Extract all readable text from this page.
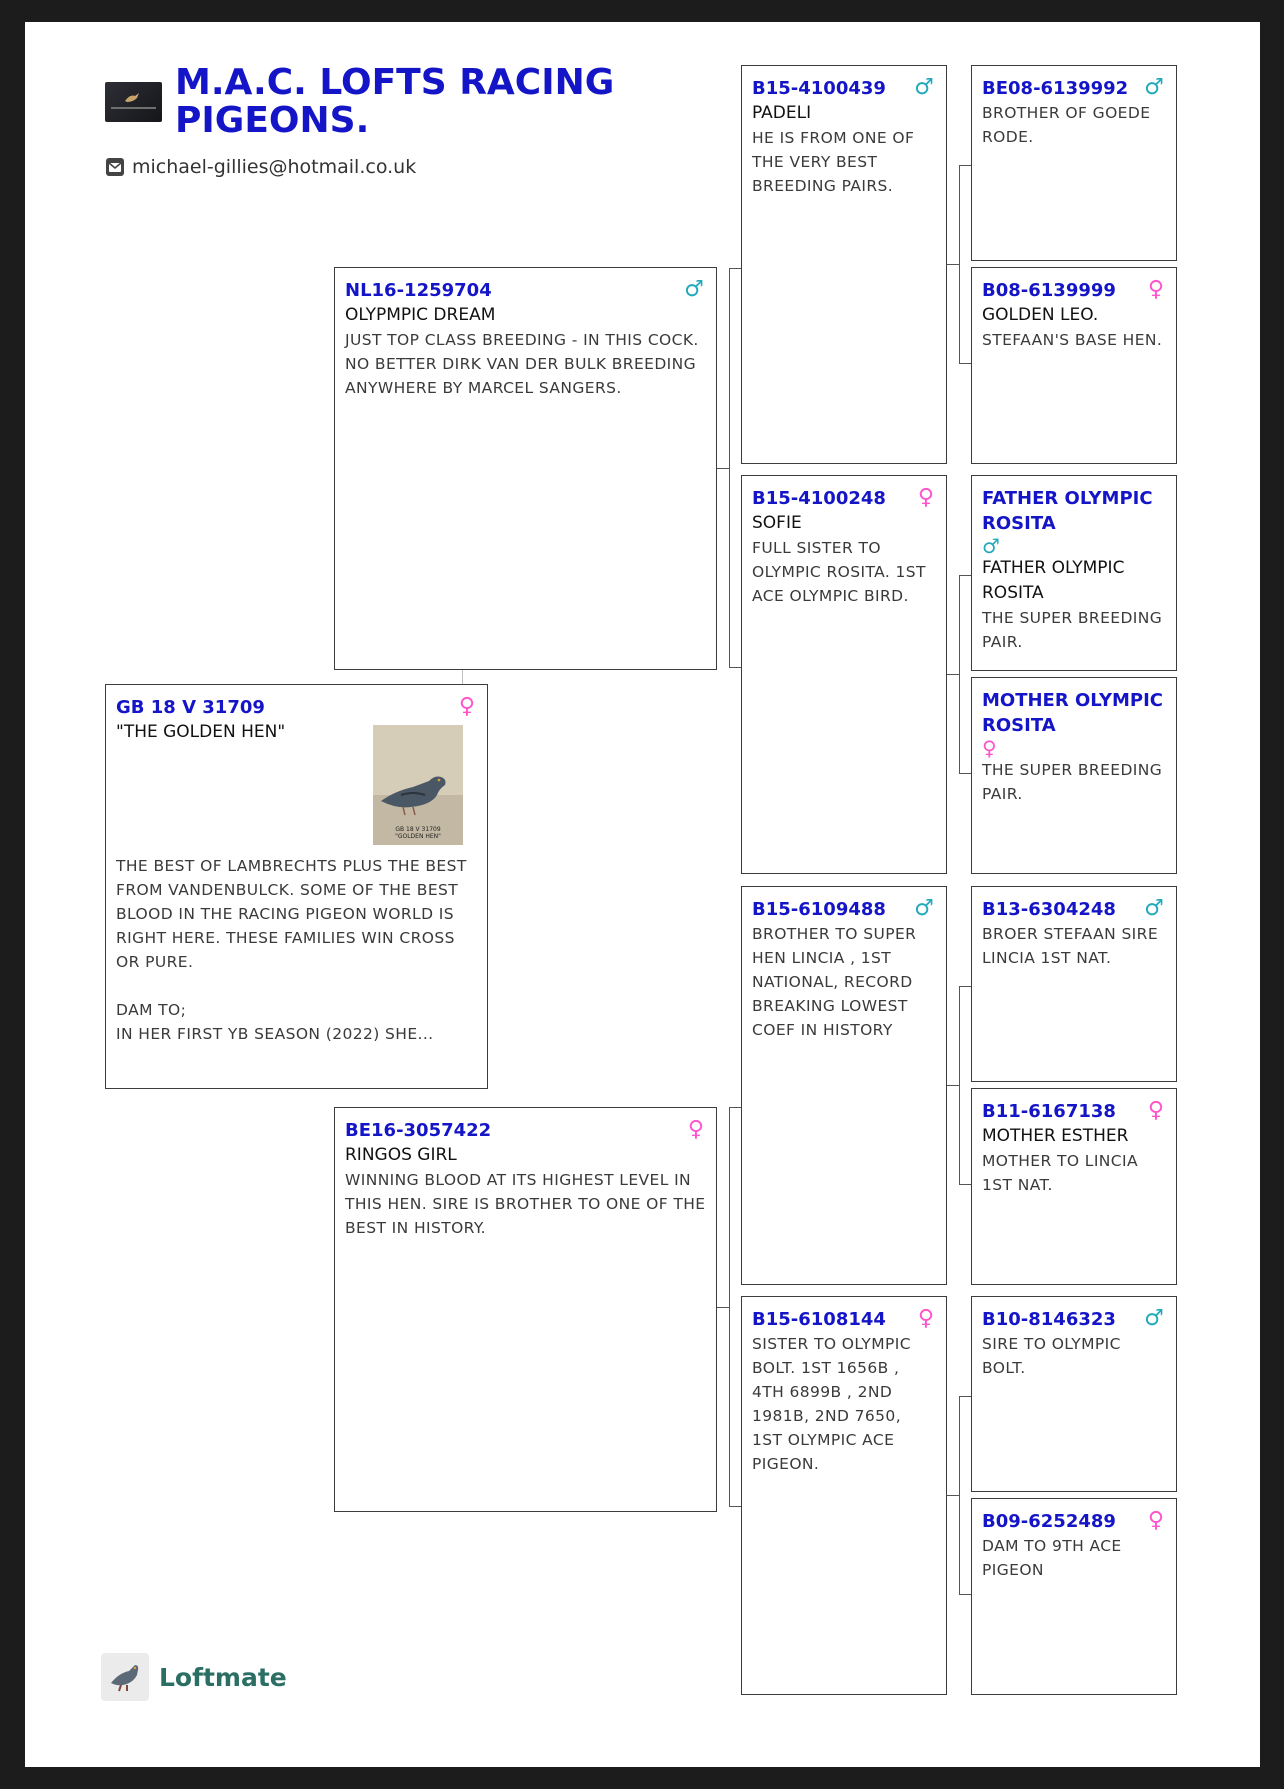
M.A.C. LOFTS RACING PIGEONS.
michael-gillies@hotmail.co.uk
GB 18 V 31709	♀
"THE GOLDEN HEN"
GB 18 V 31709
"GOLDEN HEN"
THE BEST OF LAMBRECHTS PLUS THE BEST FROM VANDENBULCK. SOME OF THE BEST BLOOD IN THE RACING PIGEON WORLD IS RIGHT HERE. THESE FAMILIES WIN CROSS OR PURE.

DAM TO;
IN HER FIRST YB SEASON (2022) SHE...
NL16-1259704	♂
OLYPMPIC DREAM
JUST TOP CLASS BREEDING - IN THIS COCK. NO BETTER DIRK VAN DER BULK BREEDING ANYWHERE BY MARCEL SANGERS.
BE16-3057422	♀
RINGOS GIRL
WINNING BLOOD AT ITS HIGHEST LEVEL IN THIS HEN. SIRE IS BROTHER TO ONE OF THE BEST IN HISTORY.
B15-4100439	♂
PADELI
HE IS FROM ONE OF THE VERY BEST BREEDING PAIRS.
B15-4100248	♀
SOFIE
FULL SISTER TO OLYMPIC ROSITA. 1ST ACE OLYMPIC BIRD.
B15-6109488	♂
BROTHER TO SUPER HEN LINCIA , 1ST NATIONAL, RECORD BREAKING LOWEST COEF IN HISTORY
B15-6108144	♀
SISTER TO OLYMPIC BOLT. 1ST 1656B , 4TH 6899B , 2ND 1981B, 2ND 7650, 1ST OLYMPIC ACE PIGEON.
BE08-6139992 ♂
BROTHER OF GOEDE RODE.
B08-6139999	♀
GOLDEN LEO.
STEFAAN'S BASE HEN.
FATHER OLYMPIC ROSITA
♂
FATHER OLYMPIC ROSITA
THE SUPER BREEDING PAIR.
MOTHER OLYMPIC ROSITA
♀
THE SUPER BREEDING PAIR.
B13-6304248	♂
BROER STEFAAN SIRE LINCIA 1ST NAT.
B11-6167138	♀
MOTHER ESTHER
MOTHER TO LINCIA 1ST NAT.
B10-8146323	♂
SIRE TO OLYMPIC BOLT.
B09-6252489	♀
DAM TO 9TH ACE PIGEON
Loftmate
